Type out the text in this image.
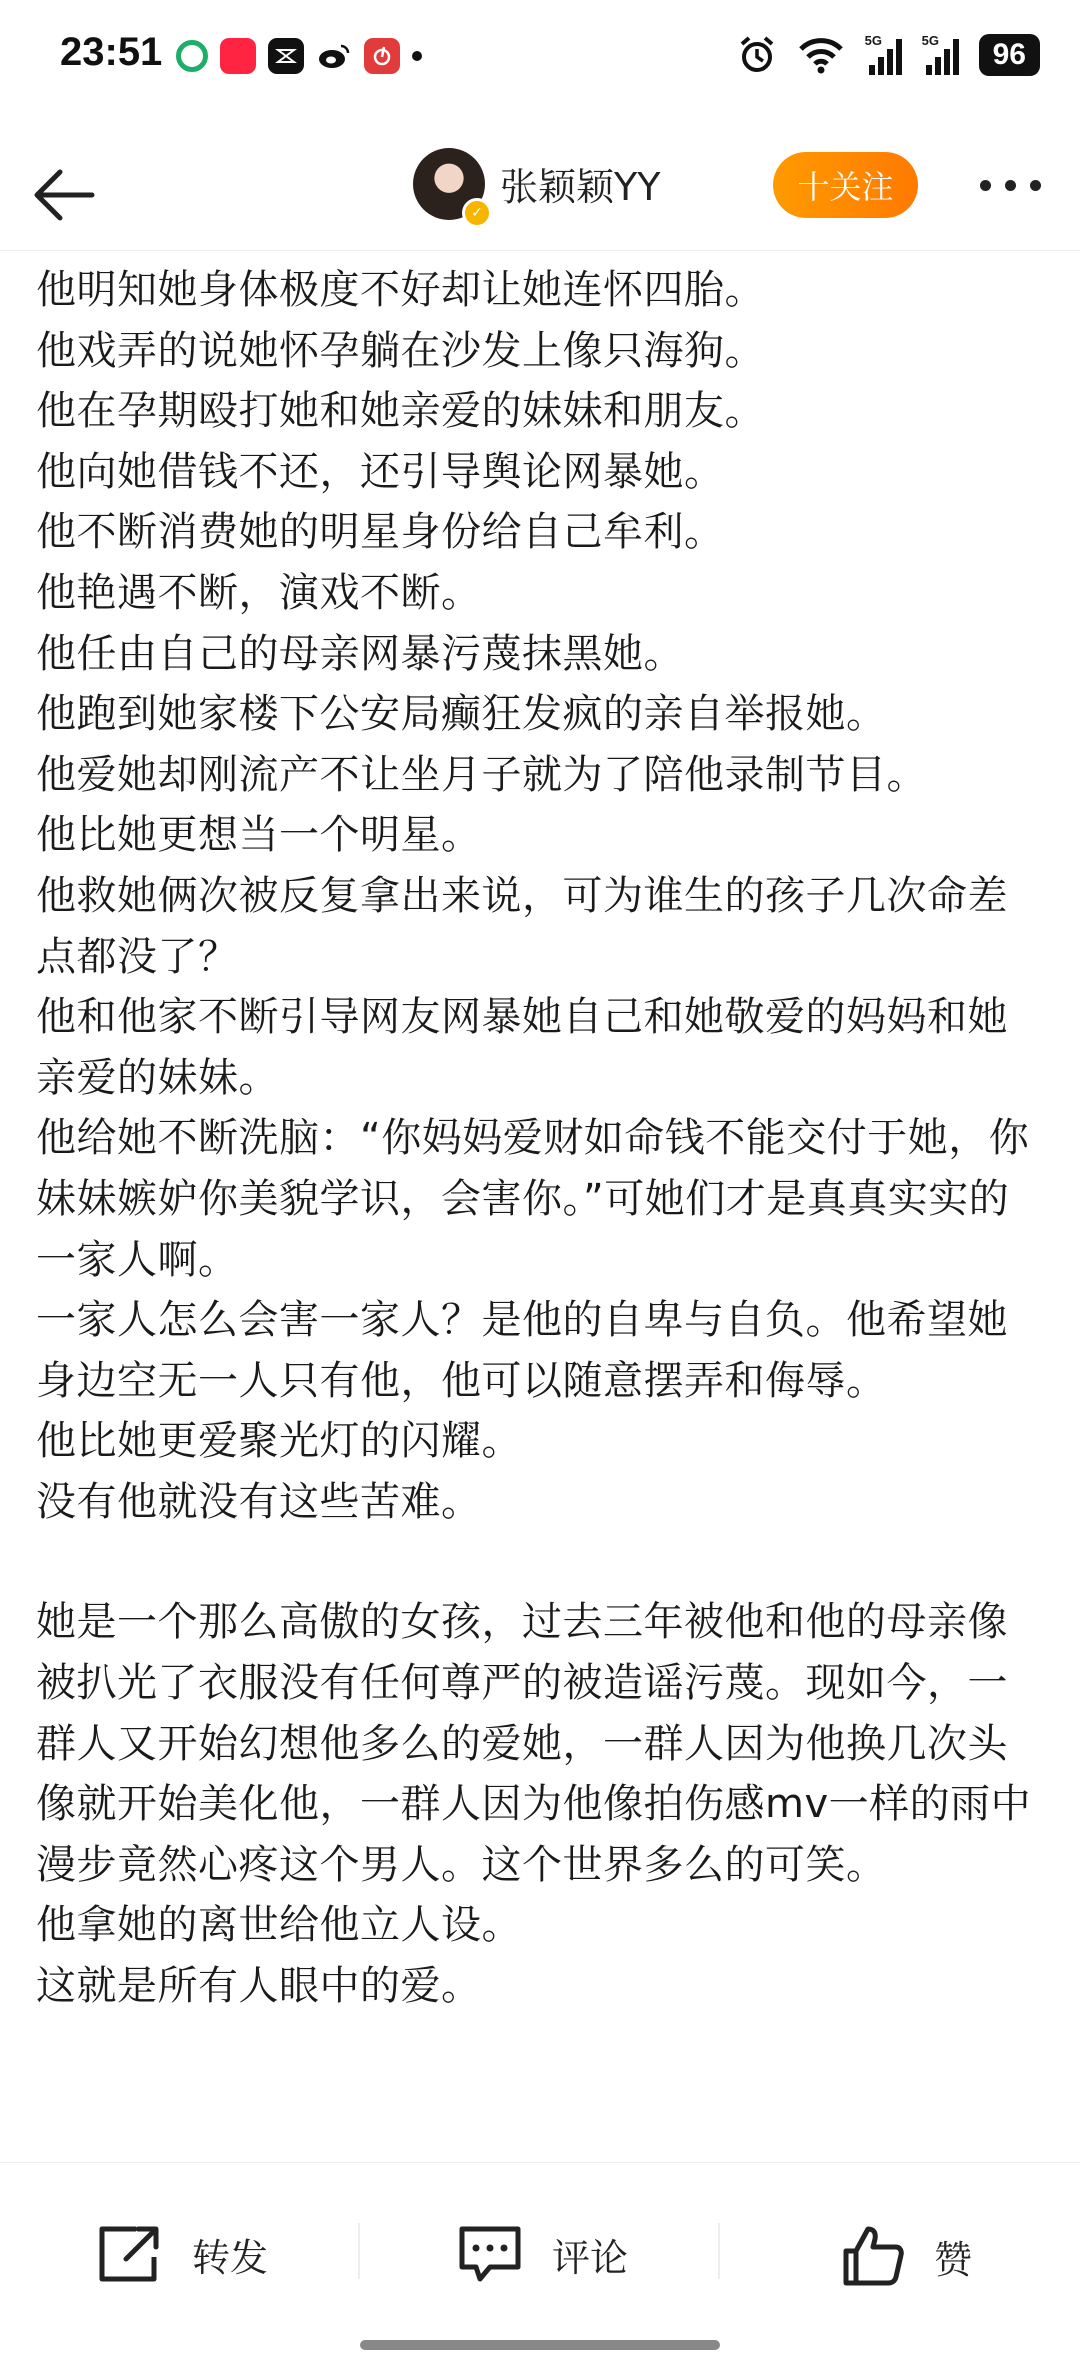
23:51	5G	5G	96
✓
张颖颖YY	十关注

他明知她身体极度不好却让她连怀四胎。

他戏弄的说她怀孕躺在沙发上像只海狗。

他在孕期殴打她和她亲爱的妹妹和朋友。

他向她借钱不还，还引导舆论网暴她。

他不断消费她的明星身份给自己牟利。

他艳遇不断，演戏不断。

他任由自己的母亲网暴污蔑抹黑她。

他跑到她家楼下公安局癫狂发疯的亲自举报她。

他爱她却刚流产不让坐月子就为了陪他录制节目。

他比她更想当一个明星。

他救她俩次被反复拿出来说，可为谁生的孩子几次命差点都没了？

他和他家不断引导网友网暴她自己和她敬爱的妈妈和她亲爱的妹妹。

他给她不断洗脑：“你妈妈爱财如命钱不能交付于她，你妹妹嫉妒你美貌学识，会害你。”可她们才是真真实实的一家人啊。

一家人怎么会害一家人？是他的自卑与自负。他希望她身边空无一人只有他，他可以随意摆弄和侮辱。

他比她更爱聚光灯的闪耀。

没有他就没有这些苦难。

她是一个那么高傲的女孩，过去三年被他和他的母亲像被扒光了衣服没有任何尊严的被造谣污蔑。现如今，一群人又开始幻想他多么的爱她，一群人因为他换几次头像就开始美化他，一群人因为他像拍伤感mv一样的雨中漫步竟然心疼这个男人。这个世界多么的可笑。

他拿她的离世给他立人设。

这就是所有人眼中的爱。

转发	评论	赞
